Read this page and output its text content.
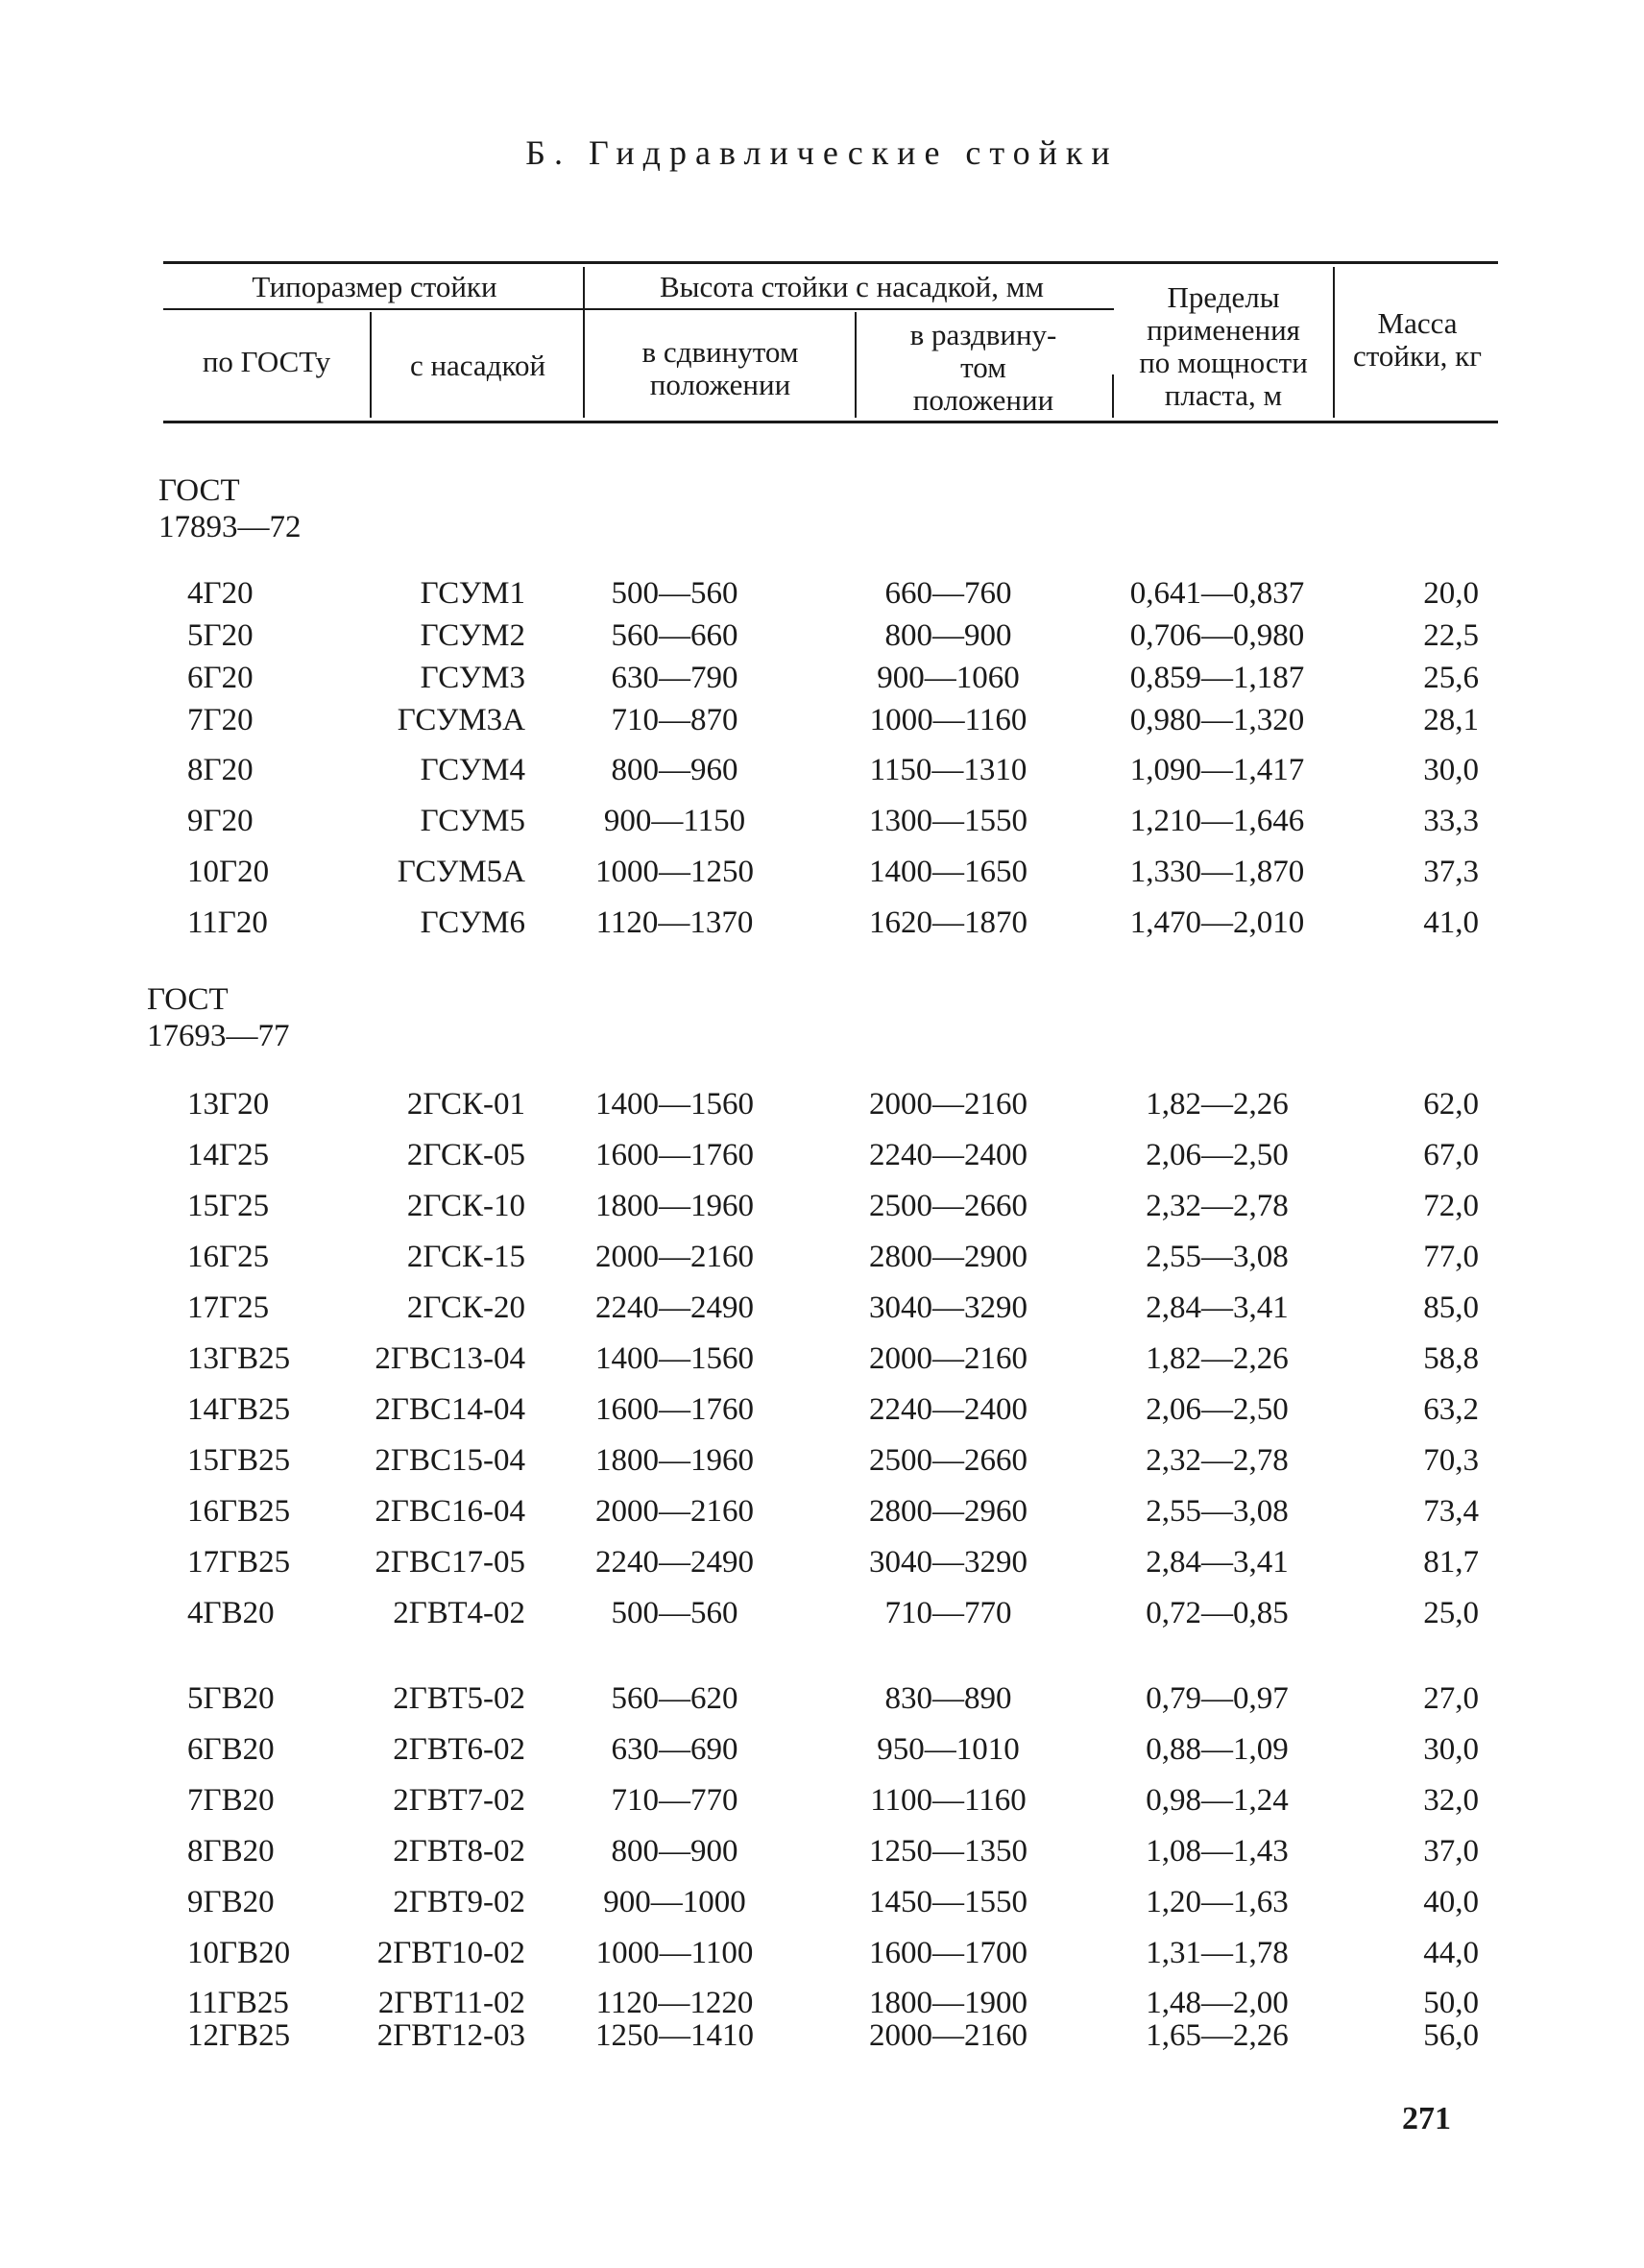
Б. Гидравлические стойки
Типоразмер стойки
по ГОСТу	с насадкой
Высота стойки с насадкой, мм
в сдвинутом
положении
в раздвину-
том
положении
Пределы
применения
по мощности
пласта, м
Масса
стойки, кг
ГОСТ
17893—72
4Г20	ГСУМ1	500—560	660—760	0,641—0,837	20,0
5Г20	ГСУМ2	560—660	800—900	0,706—0,980	22,5
6Г20	ГСУМ3	630—790	900—1060	0,859—1,187	25,6
7Г20	ГСУМ3А	710—870	1000—1160	0,980—1,320	28,1
8Г20	ГСУМ4	800—960	1150—1310	1,090—1,417	30,0
9Г20	ГСУМ5	900—1150	1300—1550	1,210—1,646	33,3
10Г20	ГСУМ5А	1000—1250	1400—1650	1,330—1,870	37,3
11Г20	ГСУМ6	1120—1370	1620—1870	1,470—2,010	41,0
ГОСТ
17693—77
13Г20	2ГСК-01	1400—1560	2000—2160	1,82—2,26	62,0
14Г25	2ГСК-05	1600—1760	2240—2400	2,06—2,50	67,0
15Г25	2ГСК-10	1800—1960	2500—2660	2,32—2,78	72,0
16Г25	2ГСК-15	2000—2160	2800—2900	2,55—3,08	77,0
17Г25	2ГСК-20	2240—2490	3040—3290	2,84—3,41	85,0
13ГВ25	2ГВС13-04	1400—1560	2000—2160	1,82—2,26	58,8
14ГВ25	2ГВС14-04	1600—1760	2240—2400	2,06—2,50	63,2
15ГВ25	2ГВС15-04	1800—1960	2500—2660	2,32—2,78	70,3
16ГВ25	2ГВС16-04	2000—2160	2800—2960	2,55—3,08	73,4
17ГВ25	2ГВС17-05	2240—2490	3040—3290	2,84—3,41	81,7
4ГВ20	2ГВТ4-02	500—560	710—770	0,72—0,85	25,0
5ГВ20	2ГВТ5-02	560—620	830—890	0,79—0,97	27,0
6ГВ20	2ГВТ6-02	630—690	950—1010	0,88—1,09	30,0
7ГВ20	2ГВТ7-02	710—770	1100—1160	0,98—1,24	32,0
8ГВ20	2ГВТ8-02	800—900	1250—1350	1,08—1,43	37,0
9ГВ20	2ГВТ9-02	900—1000	1450—1550	1,20—1,63	40,0
10ГВ20	2ГВТ10-02	1000—1100	1600—1700	1,31—1,78	44,0
11ГВ25	2ГВТ11-02	1120—1220	1800—1900	1,48—2,00	50,0
12ГВ25	2ГВТ12-03	1250—1410	2000—2160	1,65—2,26	56,0
271
